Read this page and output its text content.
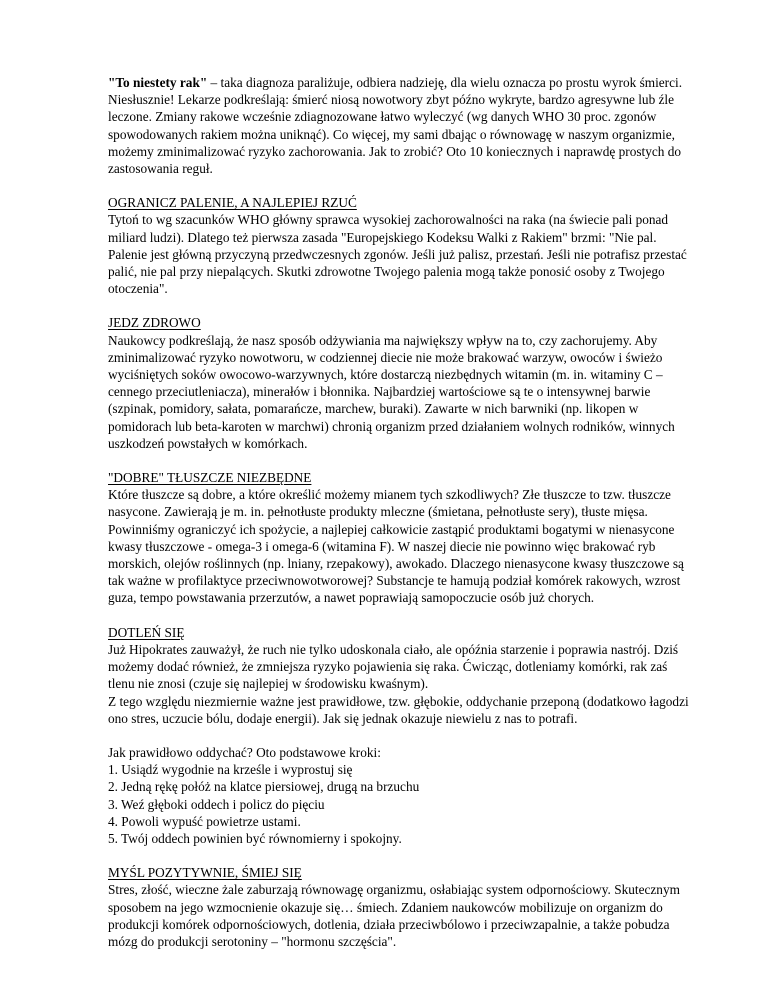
"To niestety rak" – taka diagnoza paraliżuje, odbiera nadzieję, dla wielu oznacza po prostu wyrok śmierci. Niesłusznie! Lekarze podkreślają: śmierć niosą nowotwory zbyt późno wykryte, bardzo agresywne lub źle leczone. Zmiany rakowe wcześnie zdiagnozowane łatwo wyleczyć (wg danych WHO 30 proc. zgonów spowodowanych rakiem można uniknąć). Co więcej, my sami dbając o równowagę w naszym organizmie, możemy zminimalizować ryzyko zachorowania. Jak to zrobić? Oto 10 koniecznych i naprawdę prostych do zastosowania reguł.

OGRANICZ PALENIE, A NAJLEPIEJ RZUĆ
Tytoń to wg szacunków WHO główny sprawca wysokiej zachorowalności na raka (na świecie pali ponad miliard ludzi). Dlatego też pierwsza zasada "Europejskiego Kodeksu Walki z Rakiem" brzmi: "Nie pal. Palenie jest główną przyczyną przedwczesnych zgonów. Jeśli już palisz, przestań. Jeśli nie potrafisz przestać palić, nie pal przy niepalących. Skutki zdrowotne Twojego palenia mogą także ponosić osoby z Twojego otoczenia".
JEDZ ZDROWO
Naukowcy podkreślają, że nasz sposób odżywiania ma największy wpływ na to, czy zachorujemy. Aby zminimalizować ryzyko nowotworu, w codziennej diecie nie może brakować warzyw, owoców i świeżo wyciśniętych soków owocowo-warzywnych, które dostarczą niezbędnych witamin (m. in. witaminy C – cennego przeciutleniacza), minerałów i błonnika. Najbardziej wartościowe są te o intensywnej barwie (szpinak, pomidory, sałata, pomarańcze, marchew, buraki). Zawarte w nich barwniki (np. likopen w pomidorach lub beta-karoten w marchwi) chronią organizm przed działaniem wolnych rodników, winnych uszkodzeń powstałych w komórkach.
"DOBRE" TŁUSZCZE NIEZBĘDNE
Które tłuszcze są dobre, a które określić możemy mianem tych szkodliwych? Złe tłuszcze to tzw. tłuszcze nasycone. Zawierają je m. in. pełnotłuste produkty mleczne (śmietana, pełnotłuste sery), tłuste mięsa. Powinniśmy ograniczyć ich spożycie, a najlepiej całkowicie zastąpić produktami bogatymi w nienasycone kwasy tłuszczowe - omega-3 i omega-6 (witamina F). W naszej diecie nie powinno więc brakować ryb morskich, olejów roślinnych (np. lniany, rzepakowy), awokado. Dlaczego nienasycone kwasy tłuszczowe są tak ważne w profilaktyce przeciwnowotworowej? Substancje te hamują podział komórek rakowych, wzrost guza, tempo powstawania przerzutów, a nawet poprawiają samopoczucie osób już chorych.
DOTLEŃ SIĘ
Już Hipokrates zauważył, że ruch nie tylko udoskonala ciało, ale opóźnia starzenie i poprawia nastrój. Dziś możemy dodać również, że zmniejsza ryzyko pojawienia się raka. Ćwicząc, dotleniamy komórki, rak zaś tlenu nie znosi (czuje się najlepiej w środowisku kwaśnym).
Z tego względu niezmiernie ważne jest prawidłowe, tzw. głębokie, oddychanie przeponą (dodatkowo łagodzi ono stres, uczucie bólu, dodaje energii). Jak się jednak okazuje niewielu z nas to potrafi.
Jak prawidłowo oddychać? Oto podstawowe kroki:
1. Usiądź wygodnie na krześle i wyprostuj się
2. Jedną rękę połóż na klatce piersiowej, drugą na brzuchu
3. Weź głęboki oddech i policz do pięciu
4. Powoli wypuść powietrze ustami.
5. Twój oddech powinien być równomierny i spokojny.
MYŚL POZYTYWNIE, ŚMIEJ SIĘ
Stres, złość, wieczne żale zaburzają równowagę organizmu, osłabiając system odpornościowy. Skutecznym sposobem na jego wzmocnienie okazuje się… śmiech. Zdaniem naukowców mobilizuje on organizm do produkcji komórek odpornościowych, dotlenia, działa przeciwbólowo i przeciwzapalnie, a także pobudza mózg do produkcji serotoniny – "hormonu szczęścia".
